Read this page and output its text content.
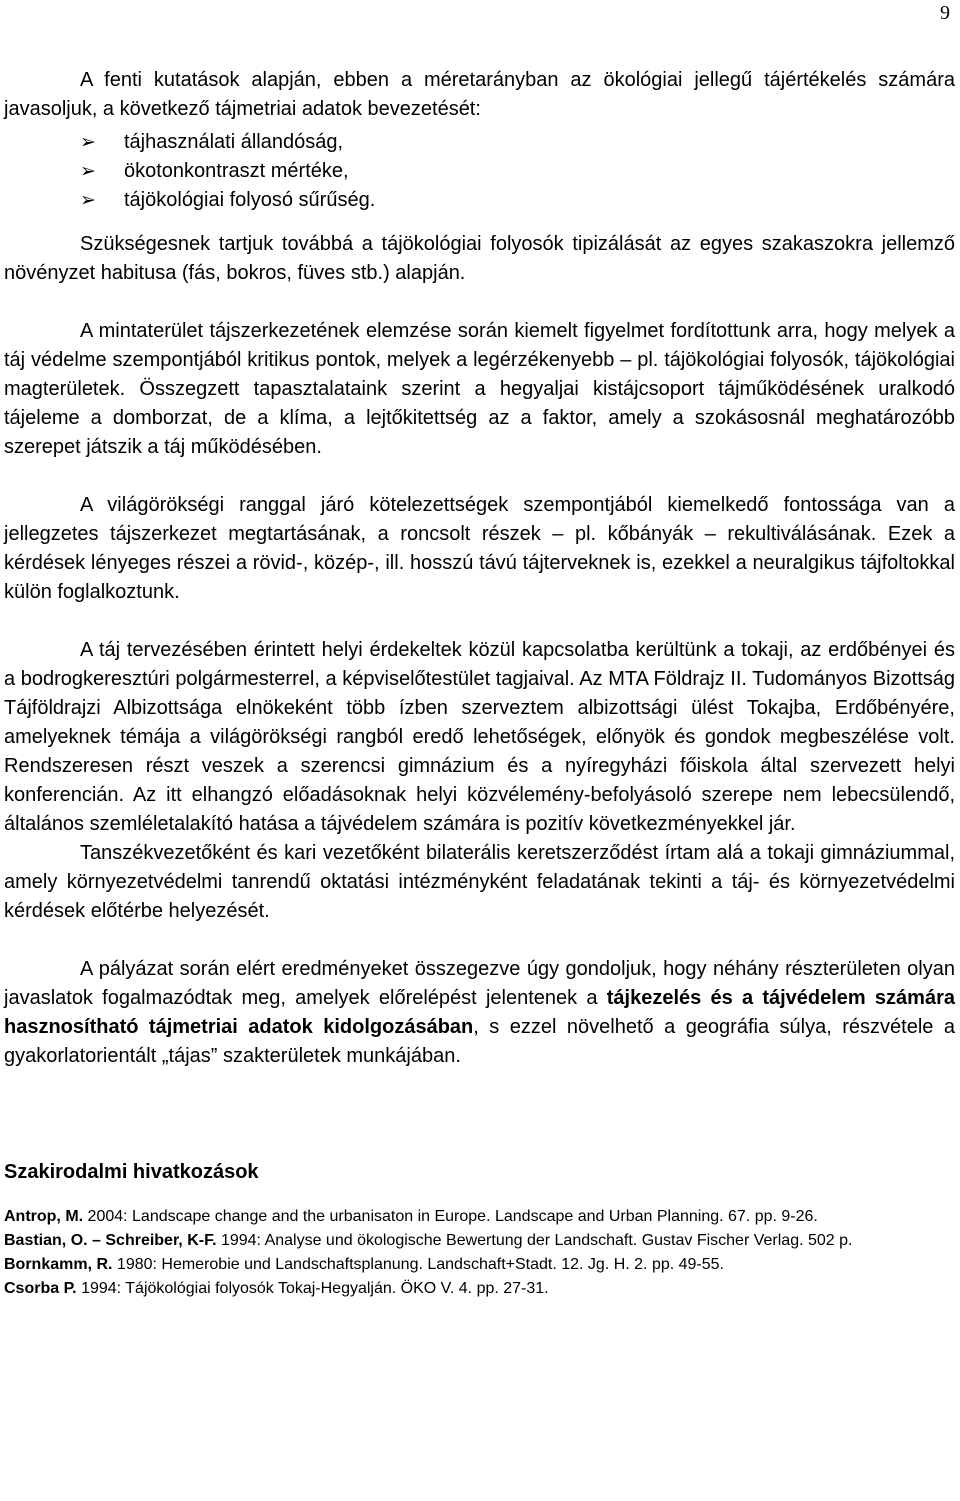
9

A fenti kutatások alapján, ebben a méretarányban az ökológiai jellegű tájértékelés számára javasoljuk, a következő tájmetriai adatok bevezetését:

➢ tájhasználati állandóság,
➢ ökotonkontraszt mértéke,
➢ tájökológiai folyosó sűrűség.

Szükségesnek tartjuk továbbá a tájökológiai folyosók tipizálását az egyes szakaszokra jellemző növényzet habitusa (fás, bokros, füves stb.) alapján.

A mintaterület tájszerkezetének elemzése során kiemelt figyelmet fordítottunk arra, hogy melyek a táj védelme szempontjából kritikus pontok, melyek a legérzékenyebb – pl. tájökológiai folyosók, tájökológiai magterületek. Összegzett tapasztalataink szerint a hegyaljai kistájcsoport tájműködésének uralkodó tájeleme a domborzat, de a klíma, a lejtőkitettség az a faktor, amely a szokásosnál meghatározóbb szerepet játszik a táj működésében.

A világörökségi ranggal járó kötelezettségek szempontjából kiemelkedő fontossága van a jellegzetes tájszerkezet megtartásának, a roncsolt részek – pl. kőbányák – rekultiválásának. Ezek a kérdések lényeges részei a rövid-, közép-, ill. hosszú távú tájterveknek is, ezekkel a neuralgikus tájfoltokkal külön foglalkoztunk.

A táj tervezésében érintett helyi érdekeltek közül kapcsolatba kerültünk a tokaji, az erdőbényei és a bodrogkeresztúri polgármesterrel, a képviselőtestület tagjaival. Az MTA Földrajz II. Tudományos Bizottság Tájföldrajzi Albizottsága elnökeként több ízben szerveztem albizottsági ülést Tokajba, Erdőbényére, amelyeknek témája a világörökségi rangból eredő lehetőségek, előnyök és gondok megbeszélése volt. Rendszeresen részt veszek a szerencsi gimnázium és a nyíregyházi főiskola által szervezett helyi konferencián. Az itt elhangzó előadásoknak helyi közvélemény-befolyásoló szerepe nem lebecsülendő, általános szemléletalakító hatása a tájvédelem számára is pozitív következményekkel jár.

Tanszékvezetőként és kari vezetőként bilaterális keretszerződést írtam alá a tokaji gimnáziummal, amely környezetvédelmi tanrendű oktatási intézményként feladatának tekinti a táj- és környezetvédelmi kérdések előtérbe helyezését.

A pályázat során elért eredményeket összegezve úgy gondoljuk, hogy néhány részterületen olyan javaslatok fogalmazódtak meg, amelyek előrelépést jelentenek a tájkezelés és a tájvédelem számára hasznosítható tájmetriai adatok kidolgozásában, s ezzel növelhető a geográfia súlya, részvétele a gyakorlatorientált „tájas” szakterületek munkájában.

Szakirodalmi hivatkozások

Antrop, M. 2004: Landscape change and the urbanisaton in Europe. Landscape and Urban Planning. 67. pp. 9-26.

Bastian, O. – Schreiber, K-F. 1994: Analyse und ökologische Bewertung der Landschaft. Gustav Fischer Verlag. 502 p.

Bornkamm, R. 1980: Hemerobie und Landschaftsplanung. Landschaft+Stadt. 12. Jg. H. 2. pp. 49-55.

Csorba P. 1994: Tájökológiai folyosók Tokaj-Hegyalján. ÖKO V. 4. pp. 27-31.
